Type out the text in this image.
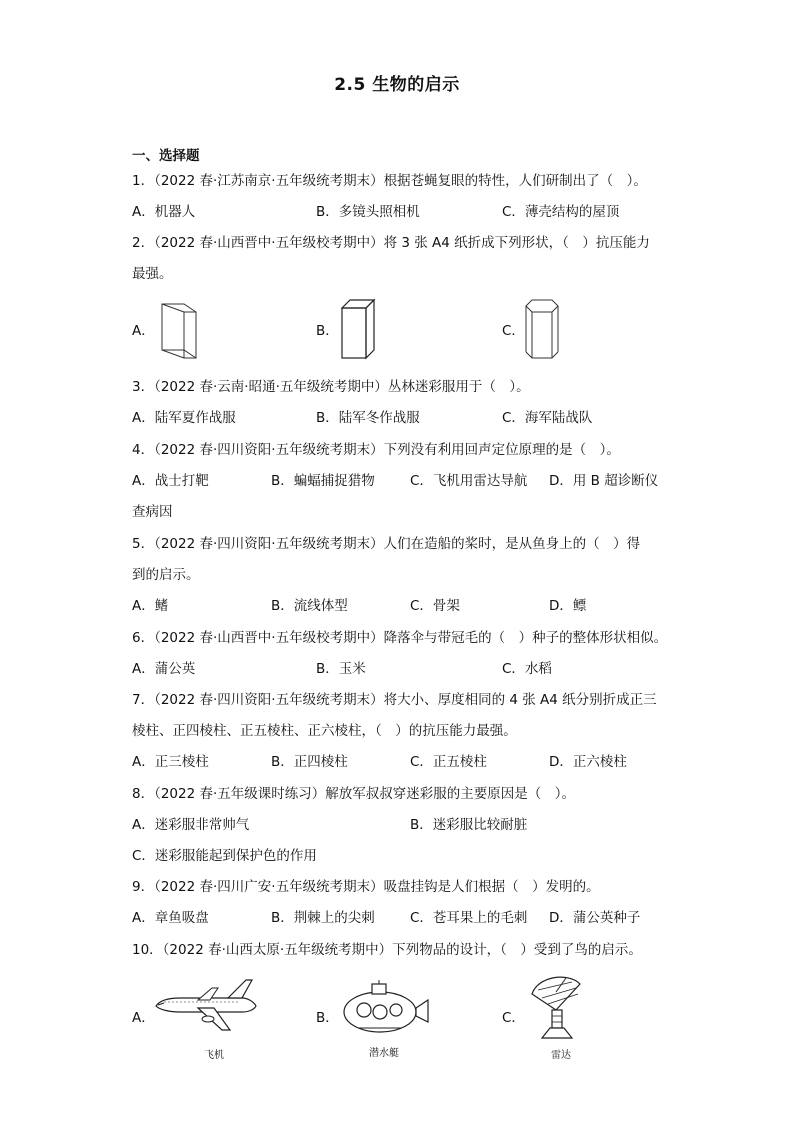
2.5 生物的启示
一、选择题
1．（2022 春·江苏南京·五年级统考期末）根据苍蝇复眼的特性，人们研制出了（　）。
A．机器人	B．多镜头照相机	C．薄壳结构的屋顶
2．（2022 春·山西晋中·五年级校考期中）将 3 张 A4 纸折成下列形状，（　）抗压能力
最强。
A．	B．	C．
3．（2022 春·云南·昭通·五年级统考期中）丛林迷彩服用于（　）。
A．陆军夏作战服	B．陆军冬作战服	C．海军陆战队
4．（2022 春·四川资阳·五年级统考期末）下列没有利用回声定位原理的是（　）。
A．战士打靶	B．蝙蝠捕捉猎物	C．飞机用雷达导航 D．用 B 超诊断仪
查病因
5．（2022 春·四川资阳·五年级统考期末）人们在造船的桨时，是从鱼身上的（　）得
到的启示。
A．鳍	B．流线体型	C．骨架	D．鳔
6．（2022 春·山西晋中·五年级校考期中）降落伞与带冠毛的（　）种子的整体形状相似。
A．蒲公英	B．玉米	C．水稻
7．（2022 春·四川资阳·五年级统考期末）将大小、厚度相同的 4 张 A4 纸分别折成正三
棱柱、正四棱柱、正五棱柱、正六棱柱，（　）的抗压能力最强。
A．正三棱柱	B．正四棱柱	C．正五棱柱	D．正六棱柱
8．（2022 春·五年级课时练习）解放军叔叔穿迷彩服的主要原因是（　）。
A．迷彩服非常帅气	B．迷彩服比较耐脏
C．迷彩服能起到保护色的作用
9．（2022 春·四川广安·五年级统考期末）吸盘挂钩是人们根据（　）发明的。
A．章鱼吸盘	B．荆棘上的尖刺	C．苍耳果上的毛刺 D．蒲公英种子
10．（2022 春·山西太原·五年级统考期中）下列物品的设计，（　）受到了鸟的启示。
A．
飞机
B．
潜水艇
C．
雷达
